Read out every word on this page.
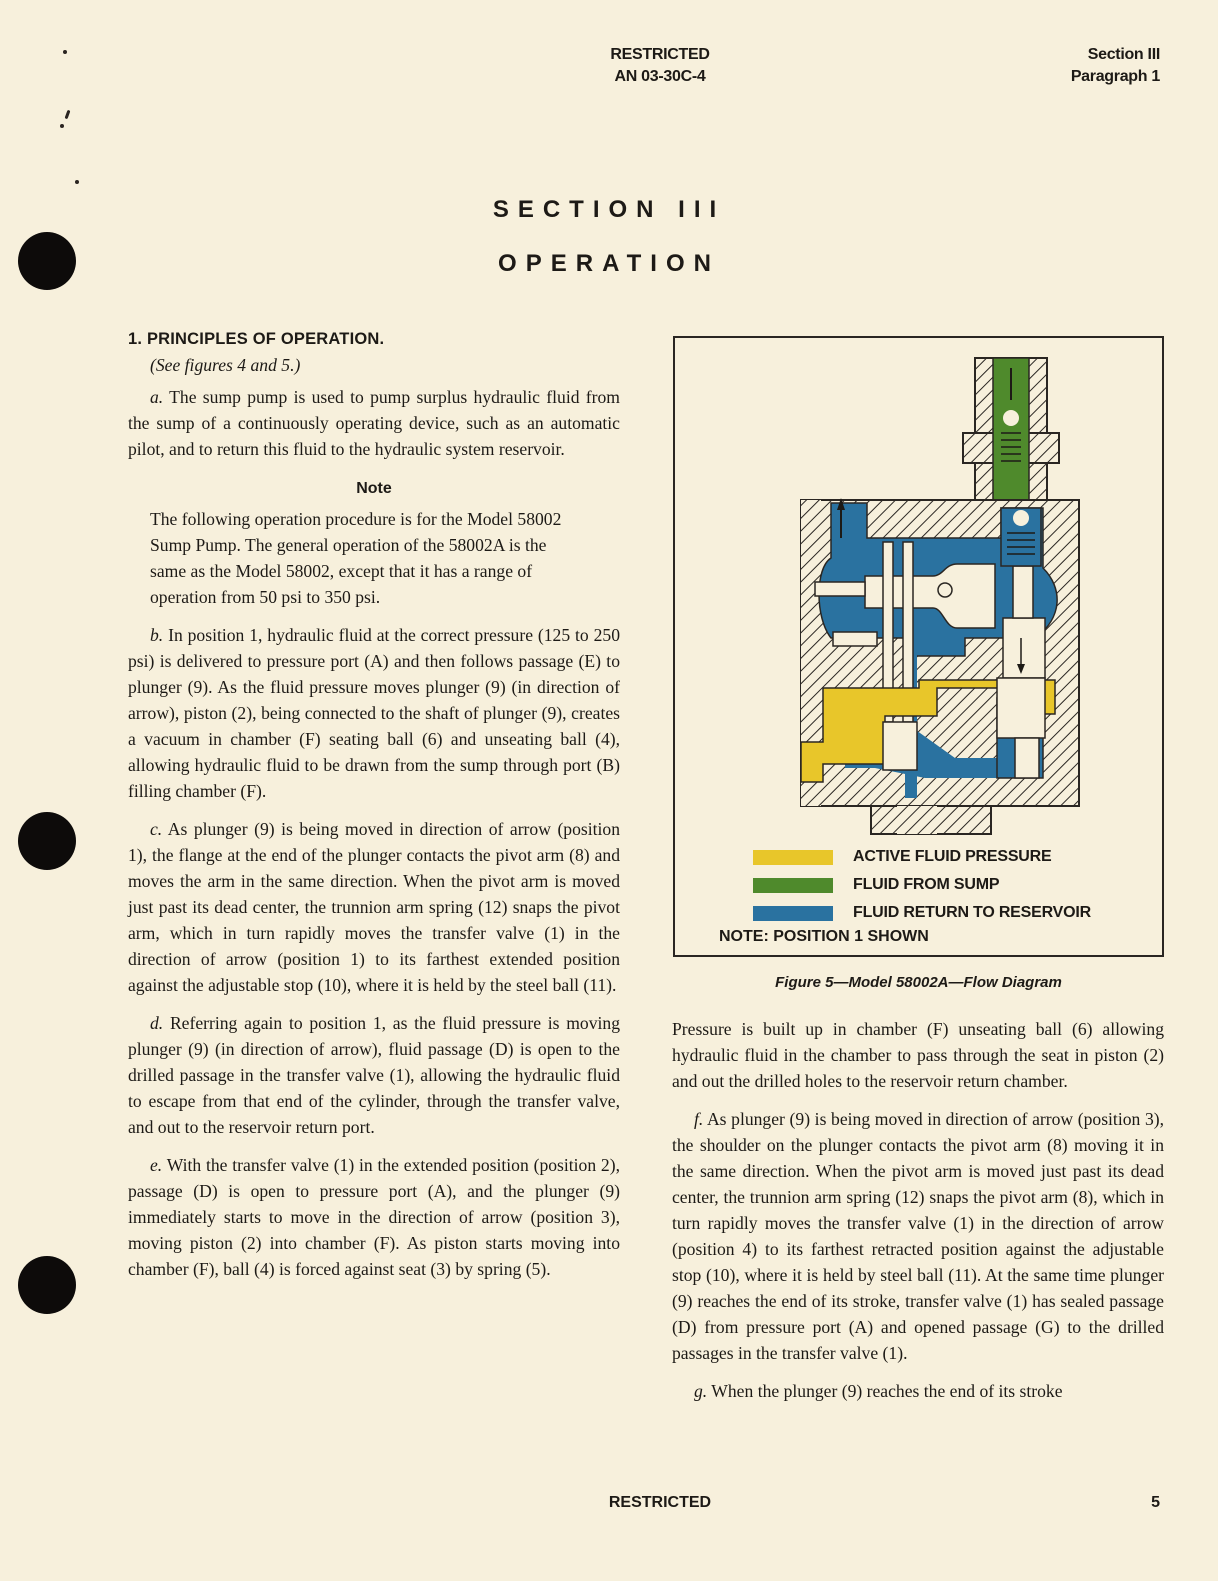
RESTRICTED
AN 03-30C-4
Section III
Paragraph 1
SECTION III
OPERATION

1. PRINCIPLES OF OPERATION.

(See figures 4 and 5.)

a. The sump pump is used to pump surplus hydraulic fluid from the sump of a continuously operating device, such as an automatic pilot, and to return this fluid to the hydraulic system reservoir.

Note

The following operation procedure is for the Model 58002 Sump Pump. The general operation of the 58002A is the same as the Model 58002, except that it has a range of operation from 50 psi to 350 psi.

b. In position 1, hydraulic fluid at the correct pressure (125 to 250 psi) is delivered to pressure port (A) and then follows passage (E) to plunger (9). As the fluid pressure moves plunger (9) (in direction of arrow), piston (2), being connected to the shaft of plunger (9), creates a vacuum in chamber (F) seating ball (6) and unseating ball (4), allowing hydraulic fluid to be drawn from the sump through port (B) filling chamber (F).

c. As plunger (9) is being moved in direction of arrow (position 1), the flange at the end of the plunger contacts the pivot arm (8) and moves the arm in the same direction. When the pivot arm is moved just past its dead center, the trunnion arm spring (12) snaps the pivot arm, which in turn rapidly moves the transfer valve (1) in the direction of arrow (position 1) to its farthest extended position against the adjustable stop (10), where it is held by the steel ball (11).

d. Referring again to position 1, as the fluid pressure is moving plunger (9) (in direction of arrow), fluid passage (D) is open to the drilled passage in the transfer valve (1), allowing the hydraulic fluid to escape from that end of the cylinder, through the transfer valve, and out to the reservoir return port.

e. With the transfer valve (1) in the extended position (position 2), passage (D) is open to pressure port (A), and the plunger (9) immediately starts to move in the direction of arrow (position 3), moving piston (2) into chamber (F). As piston starts moving into chamber (F), ball (4) is forced against seat (3) by spring (5).

ACTIVE FLUID PRESSURE
FLUID FROM SUMP
FLUID RETURN TO RESERVOIR
NOTE: POSITION 1 SHOWN
Figure 5—Model 58002A—Flow Diagram

Pressure is built up in chamber (F) unseating ball (6) allowing hydraulic fluid in the chamber to pass through the seat in piston (2) and out the drilled holes to the reservoir return chamber.

f. As plunger (9) is being moved in direction of arrow (position 3), the shoulder on the plunger contacts the pivot arm (8) moving it in the same direction. When the pivot arm is moved just past its dead center, the trunnion arm spring (12) snaps the pivot arm (8), which in turn rapidly moves the transfer valve (1) in the direction of arrow (position 4) to its farthest retracted position against the adjustable stop (10), where it is held by steel ball (11). At the same time plunger (9) reaches the end of its stroke, transfer valve (1) has sealed passage (D) from pressure port (A) and opened passage (G) to the drilled passages in the transfer valve (1).

g. When the plunger (9) reaches the end of its stroke

RESTRICTED	5
